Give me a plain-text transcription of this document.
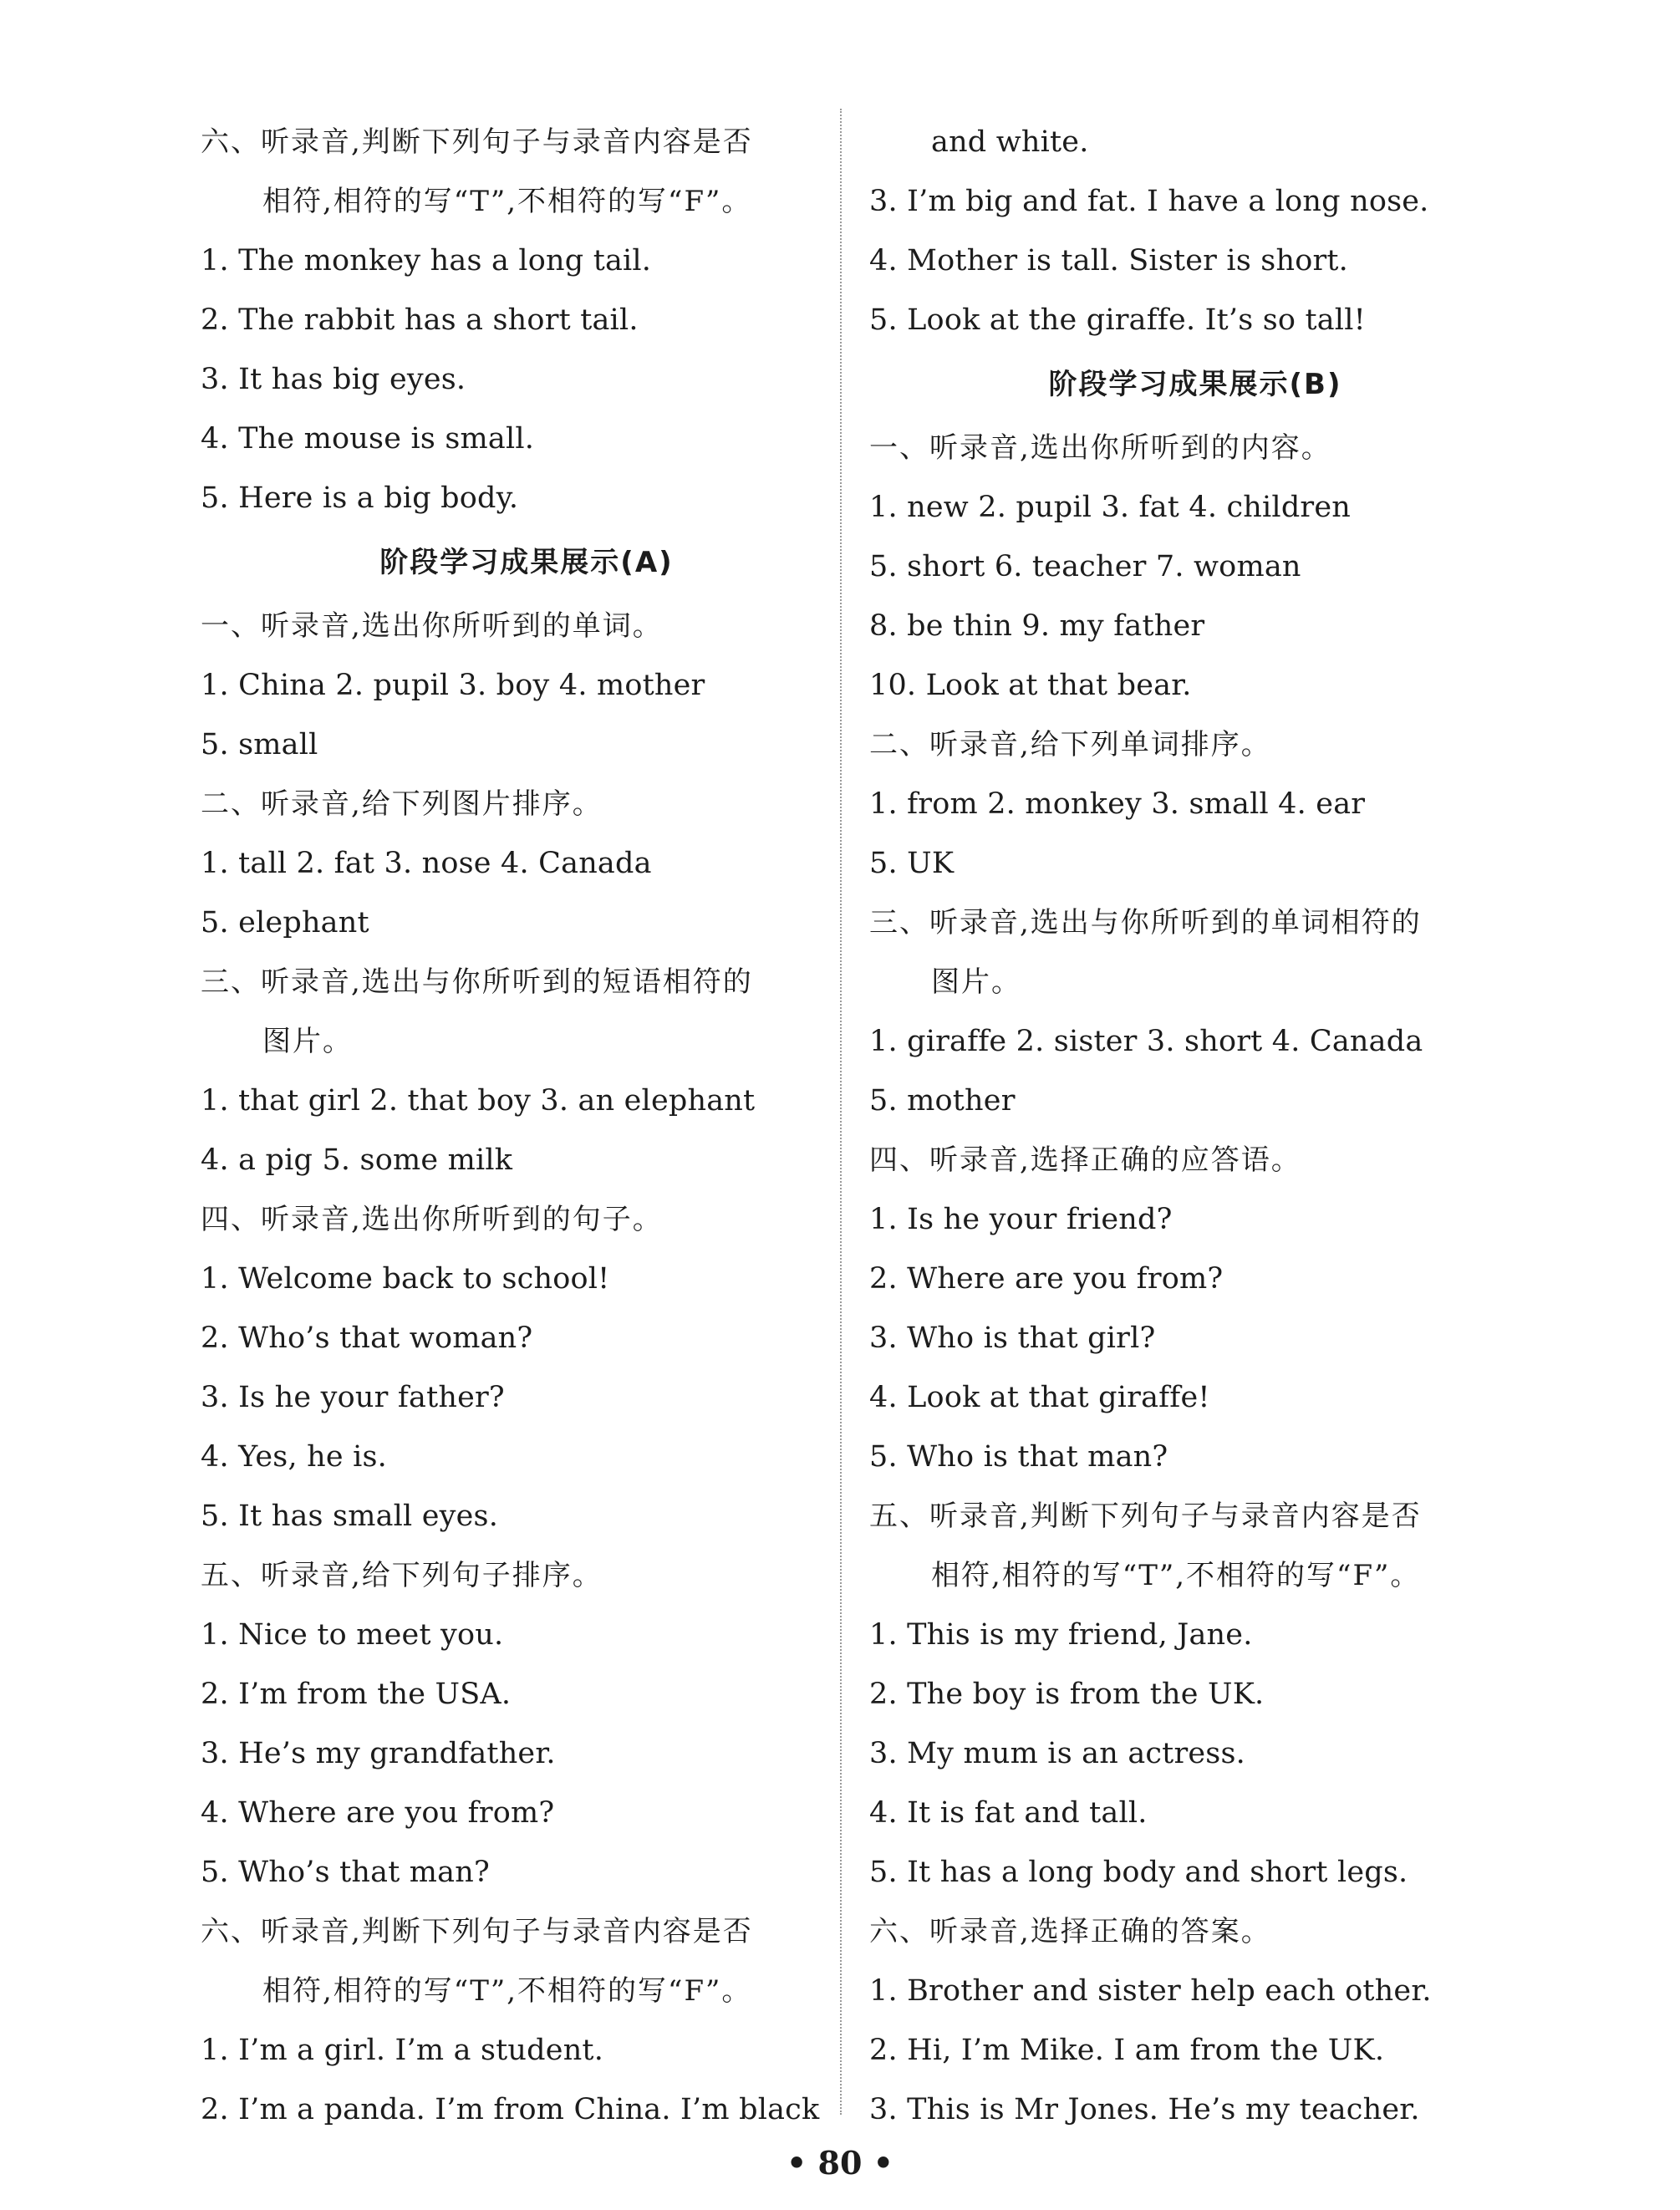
六、听录音,判断下列句子与录音内容是否
相符,相符的写“T”,不相符的写“F”。
1. The monkey has a long tail.
2. The rabbit has a short tail.
3. It has big eyes.
4. The mouse is small.
5. Here is a big body.
阶段学习成果展示(A)
一、听录音,选出你所听到的单词。
1. China 2. pupil 3. boy 4. mother
5. small
二、听录音,给下列图片排序。
1. tall 2. fat 3. nose 4. Canada
5. elephant
三、听录音,选出与你所听到的短语相符的
图片。
1. that girl 2. that boy 3. an elephant
4. a pig 5. some milk
四、听录音,选出你所听到的句子。
1. Welcome back to school!
2. Who’s that woman?
3. Is he your father?
4. Yes, he is.
5. It has small eyes.
五、听录音,给下列句子排序。
1. Nice to meet you.
2. I’m from the USA.
3. He’s my grandfather.
4. Where are you from?
5. Who’s that man?
六、听录音,判断下列句子与录音内容是否
相符,相符的写“T”,不相符的写“F”。
1. I’m a girl. I’m a student.
2. I’m a panda. I’m from China. I’m black
and white.
3. I’m big and fat. I have a long nose.
4. Mother is tall. Sister is short.
5. Look at the giraffe. It’s so tall!
阶段学习成果展示(B)
一、听录音,选出你所听到的内容。
1. new 2. pupil 3. fat 4. children
5. short 6. teacher 7. woman
8. be thin 9. my father
10. Look at that bear.
二、听录音,给下列单词排序。
1. from 2. monkey 3. small 4. ear
5. UK
三、听录音,选出与你所听到的单词相符的
图片。
1. giraffe 2. sister 3. short 4. Canada
5. mother
四、听录音,选择正确的应答语。
1. Is he your friend?
2. Where are you from?
3. Who is that girl?
4. Look at that giraffe!
5. Who is that man?
五、听录音,判断下列句子与录音内容是否
相符,相符的写“T”,不相符的写“F”。
1. This is my friend, Jane.
2. The boy is from the UK.
3. My mum is an actress.
4. It is fat and tall.
5. It has a long body and short legs.
六、听录音,选择正确的答案。
1. Brother and sister help each other.
2. Hi, I’m Mike. I am from the UK.
3. This is Mr Jones. He’s my teacher.
• 80 •
